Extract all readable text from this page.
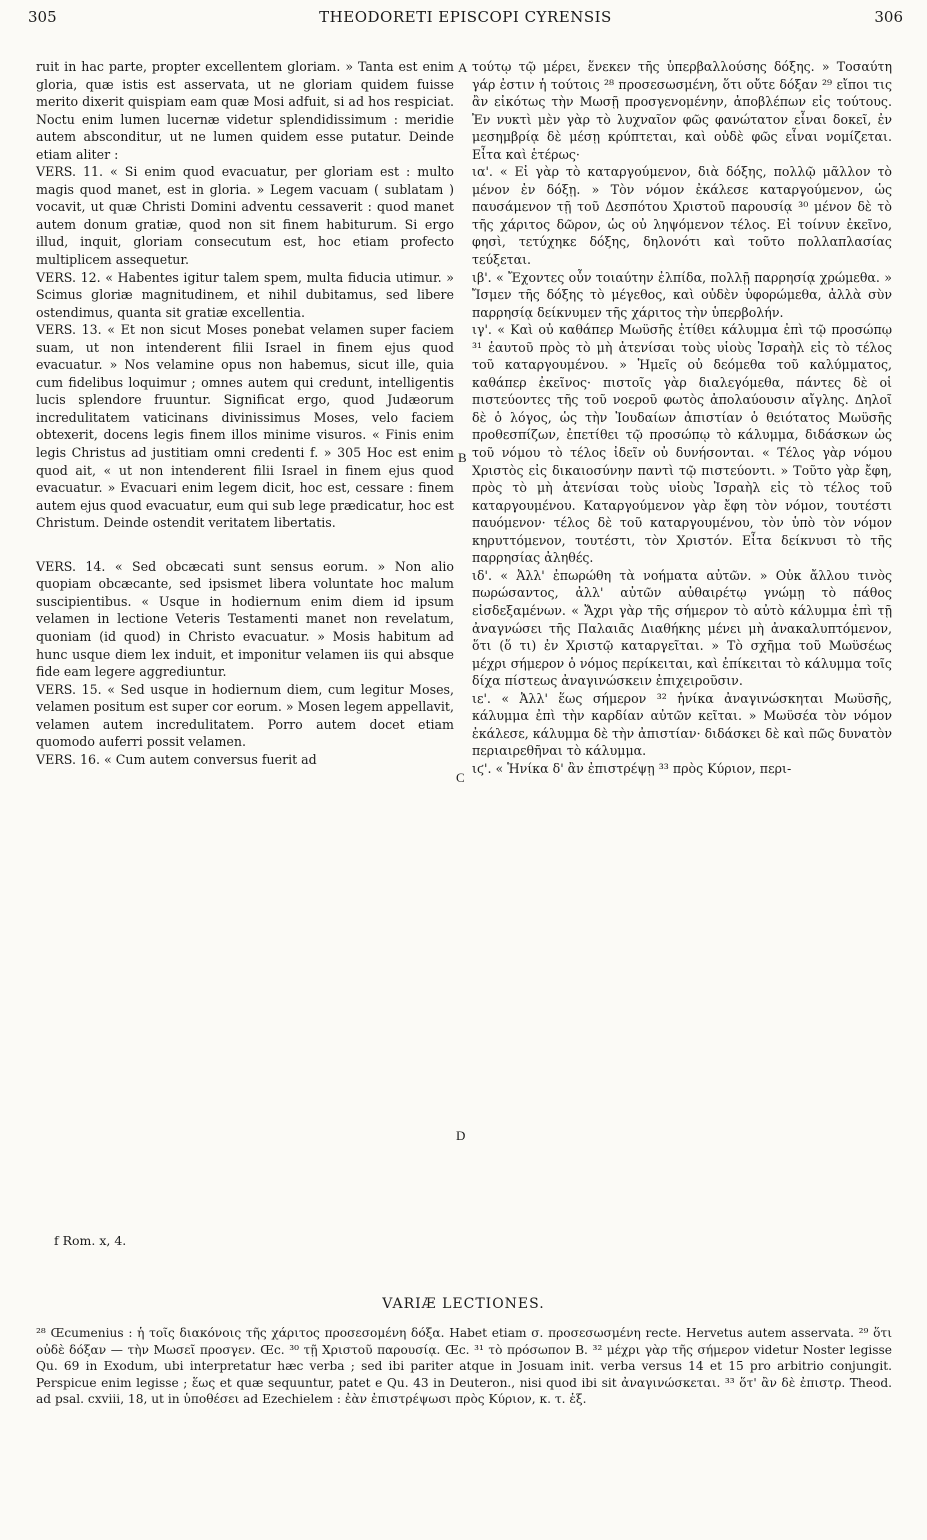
305	THEODORETI EPISCOPI CYRENSIS	306

ruit in hac parte, propter excellentem gloriam. » Tanta est enim gloria, quæ istis est asservata, ut ne gloriam quidem fuisse merito dixerit quispiam eam quæ Mosi adfuit, si ad hos respiciat. Noctu enim lumen lucernæ videtur splendidissimum : meridie autem absconditur, ut ne lumen quidem esse putatur. Deinde etiam aliter :

VERS. 11. « Si enim quod evacuatur, per gloriam est : multo magis quod manet, est in gloria. » Legem vacuam ( sublatam ) vocavit, ut quæ Christi Domini adventu cessaverit : quod manet autem donum gratiæ, quod non sit finem habiturum. Si ergo illud, inquit, gloriam consecutum est, hoc etiam profecto multiplicem assequetur.

VERS. 12. « Habentes igitur talem spem, multa fiducia utimur. » Scimus gloriæ magnitudinem, et nihil dubitamus, sed libere ostendimus, quanta sit gratiæ excellentia.

VERS. 13. « Et non sicut Moses ponebat velamen super faciem suam, ut non intenderent filii Israel in finem ejus quod evacuatur. » Nos velamine opus non habemus, sicut ille, quia cum fidelibus loquimur ; omnes autem qui credunt, intelligentis lucis splendore fruuntur. Significat ergo, quod Judæorum incredulitatem vaticinans divinissimus Moses, velo faciem obtexerit, docens legis finem illos minime visuros. « Finis enim legis Christus ad justitiam omni credenti f. » 305 Hoc est enim quod ait, « ut non intenderent filii Israel in finem ejus quod evacuatur. » Evacuari enim legem dicit, hoc est, cessare : finem autem ejus quod evacuatur, eum qui sub lege prædicatur, hoc est Christum. Deinde ostendit veritatem libertatis.

VERS. 14. « Sed obcæcati sunt sensus eorum. » Non alio quopiam obcæcante, sed ipsismet libera voluntate hoc malum suscipientibus. « Usque in hodiernum enim diem id ipsum velamen in lectione Veteris Testamenti manet non revelatum, quoniam (id quod) in Christo evacuatur. » Mosis habitum ad hunc usque diem lex induit, et imponitur velamen iis qui absque fide eam legere aggrediuntur.

VERS. 15. « Sed usque in hodiernum diem, cum legitur Moses, velamen positum est super cor eorum. » Mosen legem appellavit, velamen autem incredulitatem. Porro autem docet etiam quomodo auferri possit velamen.

VERS. 16. « Cum autem conversus fuerit ad

A
B
C
D

τούτῳ τῷ μέρει, ἕνεκεν τῆς ὑπερβαλλούσης δόξης. » Τοσαύτη γάρ ἐστιν ἡ τούτοις ²⁸ προσεσωσμένη, ὅτι οὔτε δόξαν ²⁹ εἴποι τις ἂν εἰκότως τὴν Μωσῇ προσγενομένην, ἀποβλέπων εἰς τούτους. Ἐν νυκτὶ μὲν γὰρ τὸ λυχναῖον φῶς φανώτατον εἶναι δοκεῖ, ἐν μεσημβρίᾳ δὲ μέσῃ κρύπτεται, καὶ οὐδὲ φῶς εἶναι νομίζεται. Εἶτα καὶ ἑτέρως·

ια'. « Εἰ γὰρ τὸ καταργούμενον, διὰ δόξης, πολλῷ μᾶλλον τὸ μένον ἐν δόξῃ. » Τὸν νόμον ἐκάλεσε καταργούμενον, ὡς παυσάμενον τῇ τοῦ Δεσπότου Χριστοῦ παρουσίᾳ ³⁰ μένον δὲ τὸ τῆς χάριτος δῶρον, ὡς οὐ ληψόμενον τέλος. Εἰ τοίνυν ἐκεῖνο, φησὶ, τετύχηκε δόξης, δηλονότι καὶ τοῦτο πολλαπλασίας τεύξεται.

ιβ'. « Ἔχοντες οὖν τοιαύτην ἐλπίδα, πολλῇ παρρησίᾳ χρώμεθα. » Ἴσμεν τῆς δόξης τὸ μέγεθος, καὶ οὐδὲν ὑφορώμεθα, ἀλλὰ σὺν παρρησίᾳ δείκνυμεν τῆς χάριτος τὴν ὑπερβολήν.

ιγ'. « Καὶ οὐ καθάπερ Μωϋσῆς ἐτίθει κάλυμμα ἐπὶ τῷ προσώπῳ ³¹ ἑαυτοῦ πρὸς τὸ μὴ ἀτενίσαι τοὺς υἱοὺς Ἰσραὴλ εἰς τὸ τέλος τοῦ καταργουμένου. » Ἡμεῖς οὐ δεόμεθα τοῦ καλύμματος, καθάπερ ἐκεῖνος· πιστοῖς γὰρ διαλεγόμεθα, πάντες δὲ οἱ πιστεύοντες τῆς τοῦ νοεροῦ φωτὸς ἀπολαύουσιν αἴγλης. Δηλοῖ δὲ ὁ λόγος, ὡς τὴν Ἰουδαίων ἀπιστίαν ὁ θειότατος Μωϋσῆς προθεσπίζων, ἐπετίθει τῷ προσώπῳ τὸ κάλυμμα, διδάσκων ὡς τοῦ νόμου τὸ τέλος ἰδεῖν οὐ δυνήσονται. « Τέλος γὰρ νόμου Χριστὸς εἰς δικαιοσύνην παντὶ τῷ πιστεύοντι. » Τοῦτο γὰρ ἔφη, πρὸς τὸ μὴ ἀτενίσαι τοὺς υἱοὺς Ἰσραὴλ εἰς τὸ τέλος τοῦ καταργουμένου. Καταργούμενον γὰρ ἔφη τὸν νόμον, τουτέστι παυόμενον· τέλος δὲ τοῦ καταργουμένου, τὸν ὑπὸ τὸν νόμον κηρυττόμενον, τουτέστι, τὸν Χριστόν. Εἶτα δείκνυσι τὸ τῆς παρρησίας ἀληθές.

ιδ'. « Ἀλλ' ἐπωρώθη τὰ νοήματα αὐτῶν. » Οὐκ ἄλλου τινὸς πωρώσαντος, ἀλλ' αὐτῶν αὐθαιρέτῳ γνώμῃ τὸ πάθος εἰσδεξαμένων. « Ἄχρι γὰρ τῆς σήμερον τὸ αὐτὸ κάλυμμα ἐπὶ τῇ ἀναγνώσει τῆς Παλαιᾶς Διαθήκης μένει μὴ ἀνακαλυπτόμενον, ὅτι (ὅ τι) ἐν Χριστῷ καταργεῖται. » Τὸ σχῆμα τοῦ Μωϋσέως μέχρι σήμερον ὁ νόμος περίκειται, καὶ ἐπίκειται τὸ κάλυμμα τοῖς δίχα πίστεως ἀναγινώσκειν ἐπιχειροῦσιν.

ιε'. « Ἀλλ' ἕως σήμερον ³² ἡνίκα ἀναγινώσκηται Μωϋσῆς, κάλυμμα ἐπὶ τὴν καρδίαν αὐτῶν κεῖται. » Μωϋσέα τὸν νόμον ἐκάλεσε, κάλυμμα δὲ τὴν ἀπιστίαν· διδάσκει δὲ καὶ πῶς δυνατὸν περιαιρεθῆναι τὸ κάλυμμα.

ιϛ'. « Ἡνίκα δ' ἂν ἐπιστρέψῃ ³³ πρὸς Κύριον, περι-

f Rom. x, 4.
VARIÆ LECTIONES.

²⁸ Œcumenius : ἡ τοῖς διακόνοις τῆς χάριτος προσεσομένη δόξα. Habet etiam σ. προσεσωσμένη recte. Hervetus autem asservata. ²⁹ ὅτι οὐδὲ δόξαν — τὴν Μωσεῖ προσγεν. Œc. ³⁰ τῇ Χριστοῦ παρουσίᾳ. Œc. ³¹ τὸ πρόσωπον B. ³² μέχρι γὰρ τῆς σήμερον videtur Noster legisse Qu. 69 in Exodum, ubi interpretatur hæc verba ; sed ibi pariter atque in Josuam init. verba versus 14 et 15 pro arbitrio conjungit. Perspicue enim legisse ; ἕως et quæ sequuntur, patet e Qu. 43 in Deuteron., nisi quod ibi sit ἀναγινώσκεται. ³³ ὅτ' ἂν δὲ ἐπιστρ. Theod. ad psal. cxviii, 18, ut in ὑποθέσει ad Ezechielem : ἐὰν ἐπιστρέψωσι πρὸς Κύριον, κ. τ. ἑξ.
